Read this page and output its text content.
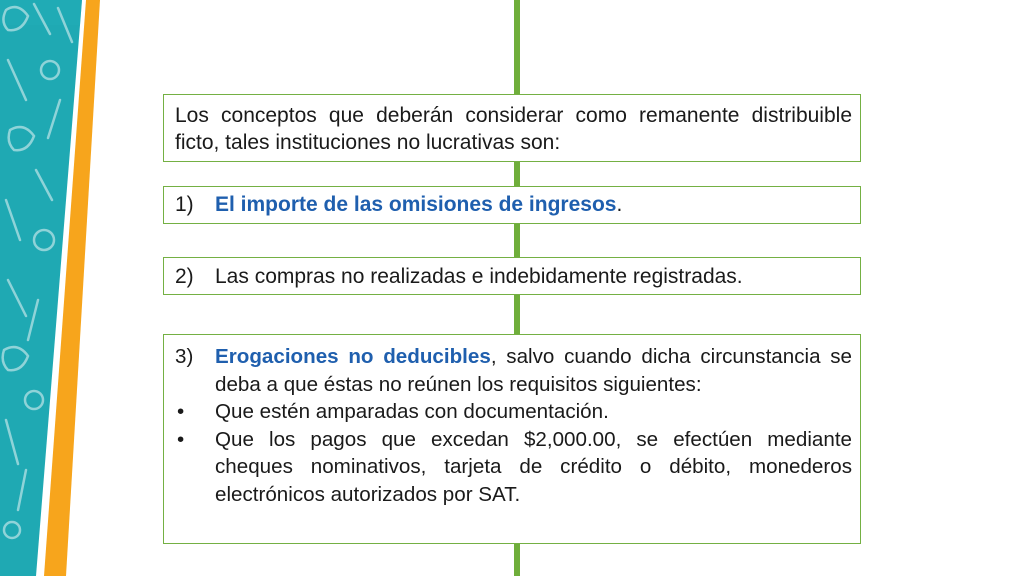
Los conceptos que deberán considerar como remanente distribuible ficto, tales instituciones no lucrativas son:
1)	El importe de las omisiones de ingresos.
2)	Las compras no realizadas e indebidamente registradas.
3)	Erogaciones no deducibles, salvo cuando dicha circunstancia se deba a que éstas no reúnen los requisitos siguientes:
•	Que estén amparadas con documentación.
•	Que los pagos que excedan $2,000.00, se efectúen mediante cheques nominativos, tarjeta de crédito o débito, monederos electrónicos autorizados por SAT.
